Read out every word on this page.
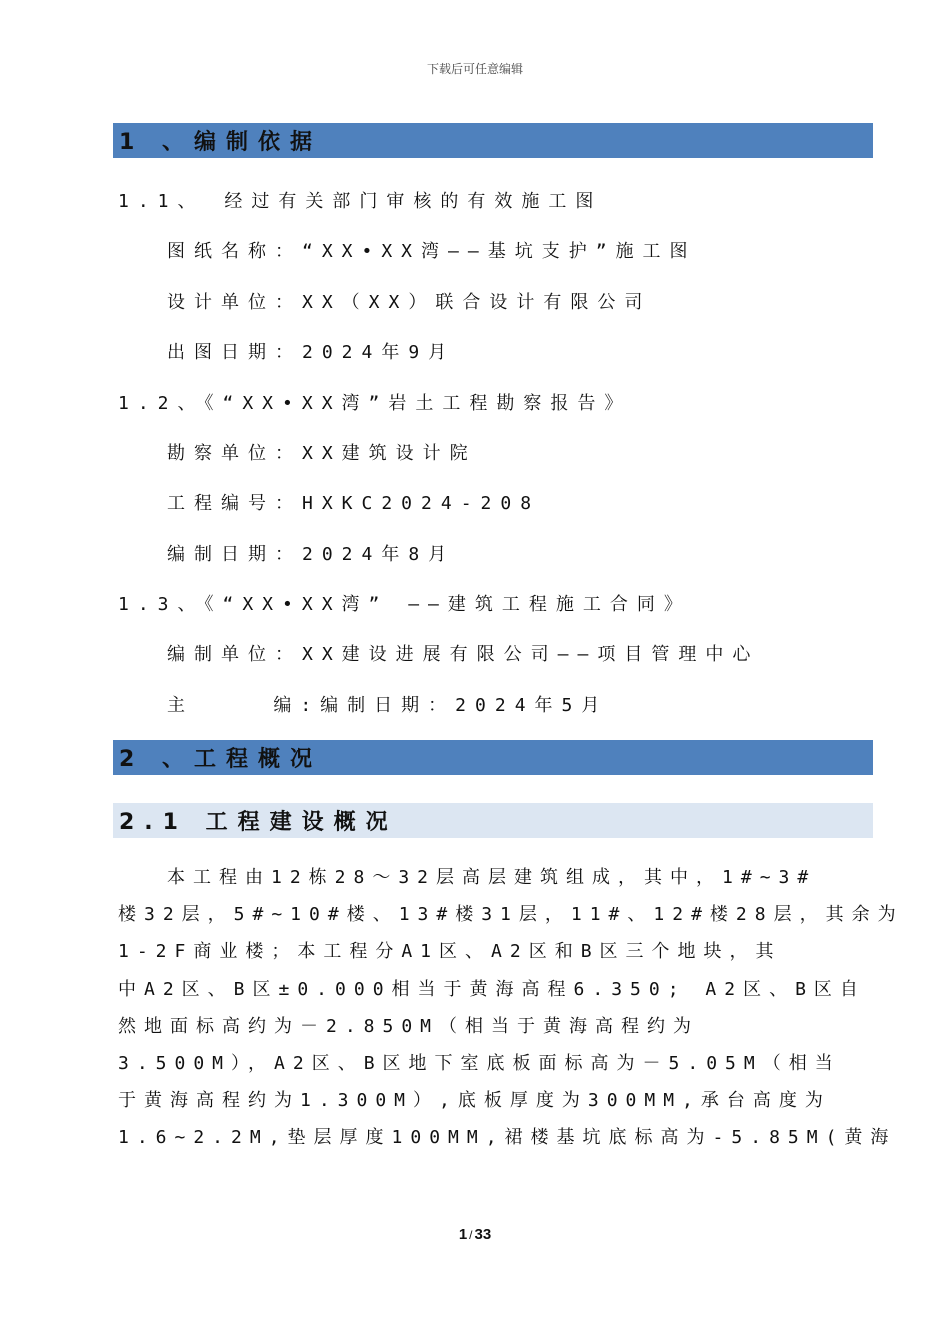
下载后可任意编辑
1 、编制依据
1.1、 经过有关部门审核的有效施工图
图纸名称：“XX•XX湾——基坑支护”施工图
设计单位：XX（XX）联合设计有限公司
出图日期：2024年9月
1.2、《“XX•XX湾”岩土工程勘察报告》
勘察单位：XX建筑设计院
工程编号：HXKC2024-208
编制日期：2024年8月
1.3、《“XX•XX湾” ——建筑工程施工合同》
编制单位：XX建设进展有限公司——项目管理中心
主    编:编制日期：2024年5月
2 、工程概况
2.1 工程建设概况
本工程由12栋28～32层高层建筑组成，其中，1#~3#
楼32层，5#~10#楼、13#楼31层，11#、12#楼28层，其余为
1-2F商业楼；本工程分A1区、A2区和B区三个地块，其
中A2区、B区±0.000相当于黄海高程6.350; A2区、B区自
然地面标高约为－2.850M（相当于黄海高程约为
3.500M），A2区、B区地下室底板面标高为－5.05M（相当
于黄海高程约为1.300M）,底板厚度为300MM,承台高度为
1.6~2.2M,垫层厚度100MM,裙楼基坑底标高为-5.85M(黄海
1 / 33
